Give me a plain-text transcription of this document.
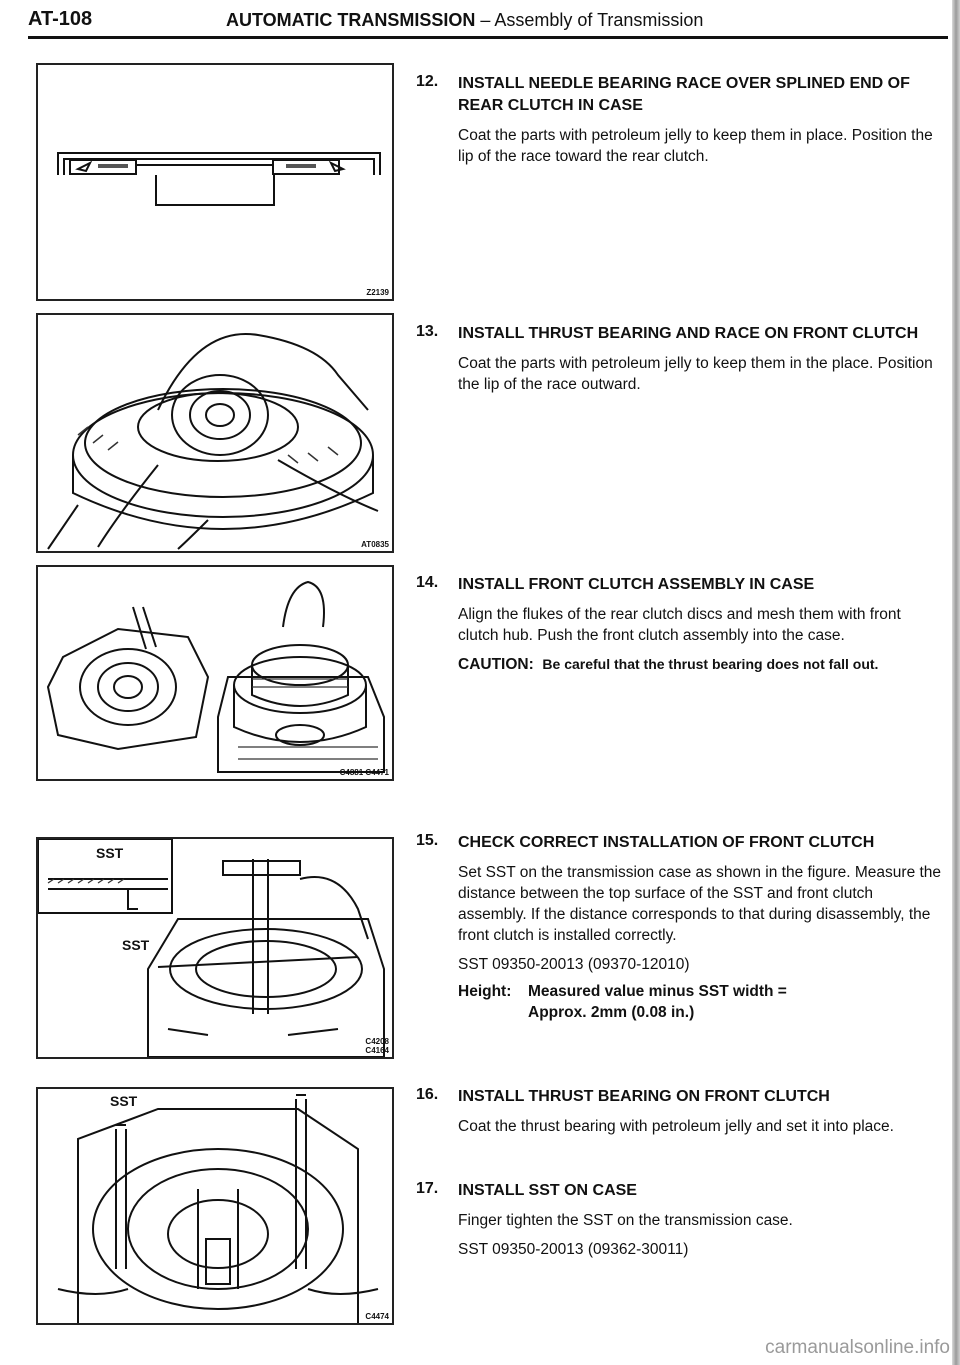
AT-108	AUTOMATIC TRANSMISSION – Assembly of Transmission
Z2139
AT0835
C4881 C4471
SST
SST
C4208
C4164
SST
C4474
12. INSTALL NEEDLE BEARING RACE OVER SPLINED END OF REAR CLUTCH IN CASE
Coat the parts with petroleum jelly to keep them in place. Position the lip of the race toward the rear clutch.
13. INSTALL THRUST BEARING AND RACE ON FRONT CLUTCH
Coat the parts with petroleum jelly to keep them in the place. Position the lip of the race outward.
14. INSTALL FRONT CLUTCH ASSEMBLY IN CASE
Align the flukes of the rear clutch discs and mesh them with front clutch hub. Push the front clutch assembly into the case.
CAUTION: Be careful that the thrust bearing does not fall out.
15. CHECK CORRECT INSTALLATION OF FRONT CLUTCH
Set SST on the transmission case as shown in the figure. Measure the distance between the top surface of the SST and front clutch assembly. If the distance corresponds to that during disassembly, the front clutch is installed correctly.
SST 09350-20013 (09370-12010)
Height: Measured value minus SST width =
Approx. 2mm (0.08 in.)
16. INSTALL THRUST BEARING ON FRONT CLUTCH
Coat the thrust bearing with petroleum jelly and set it into place.
17. INSTALL SST ON CASE
Finger tighten the SST on the transmission case.
SST 09350-20013 (09362-30011)
carmanualsonline.info
